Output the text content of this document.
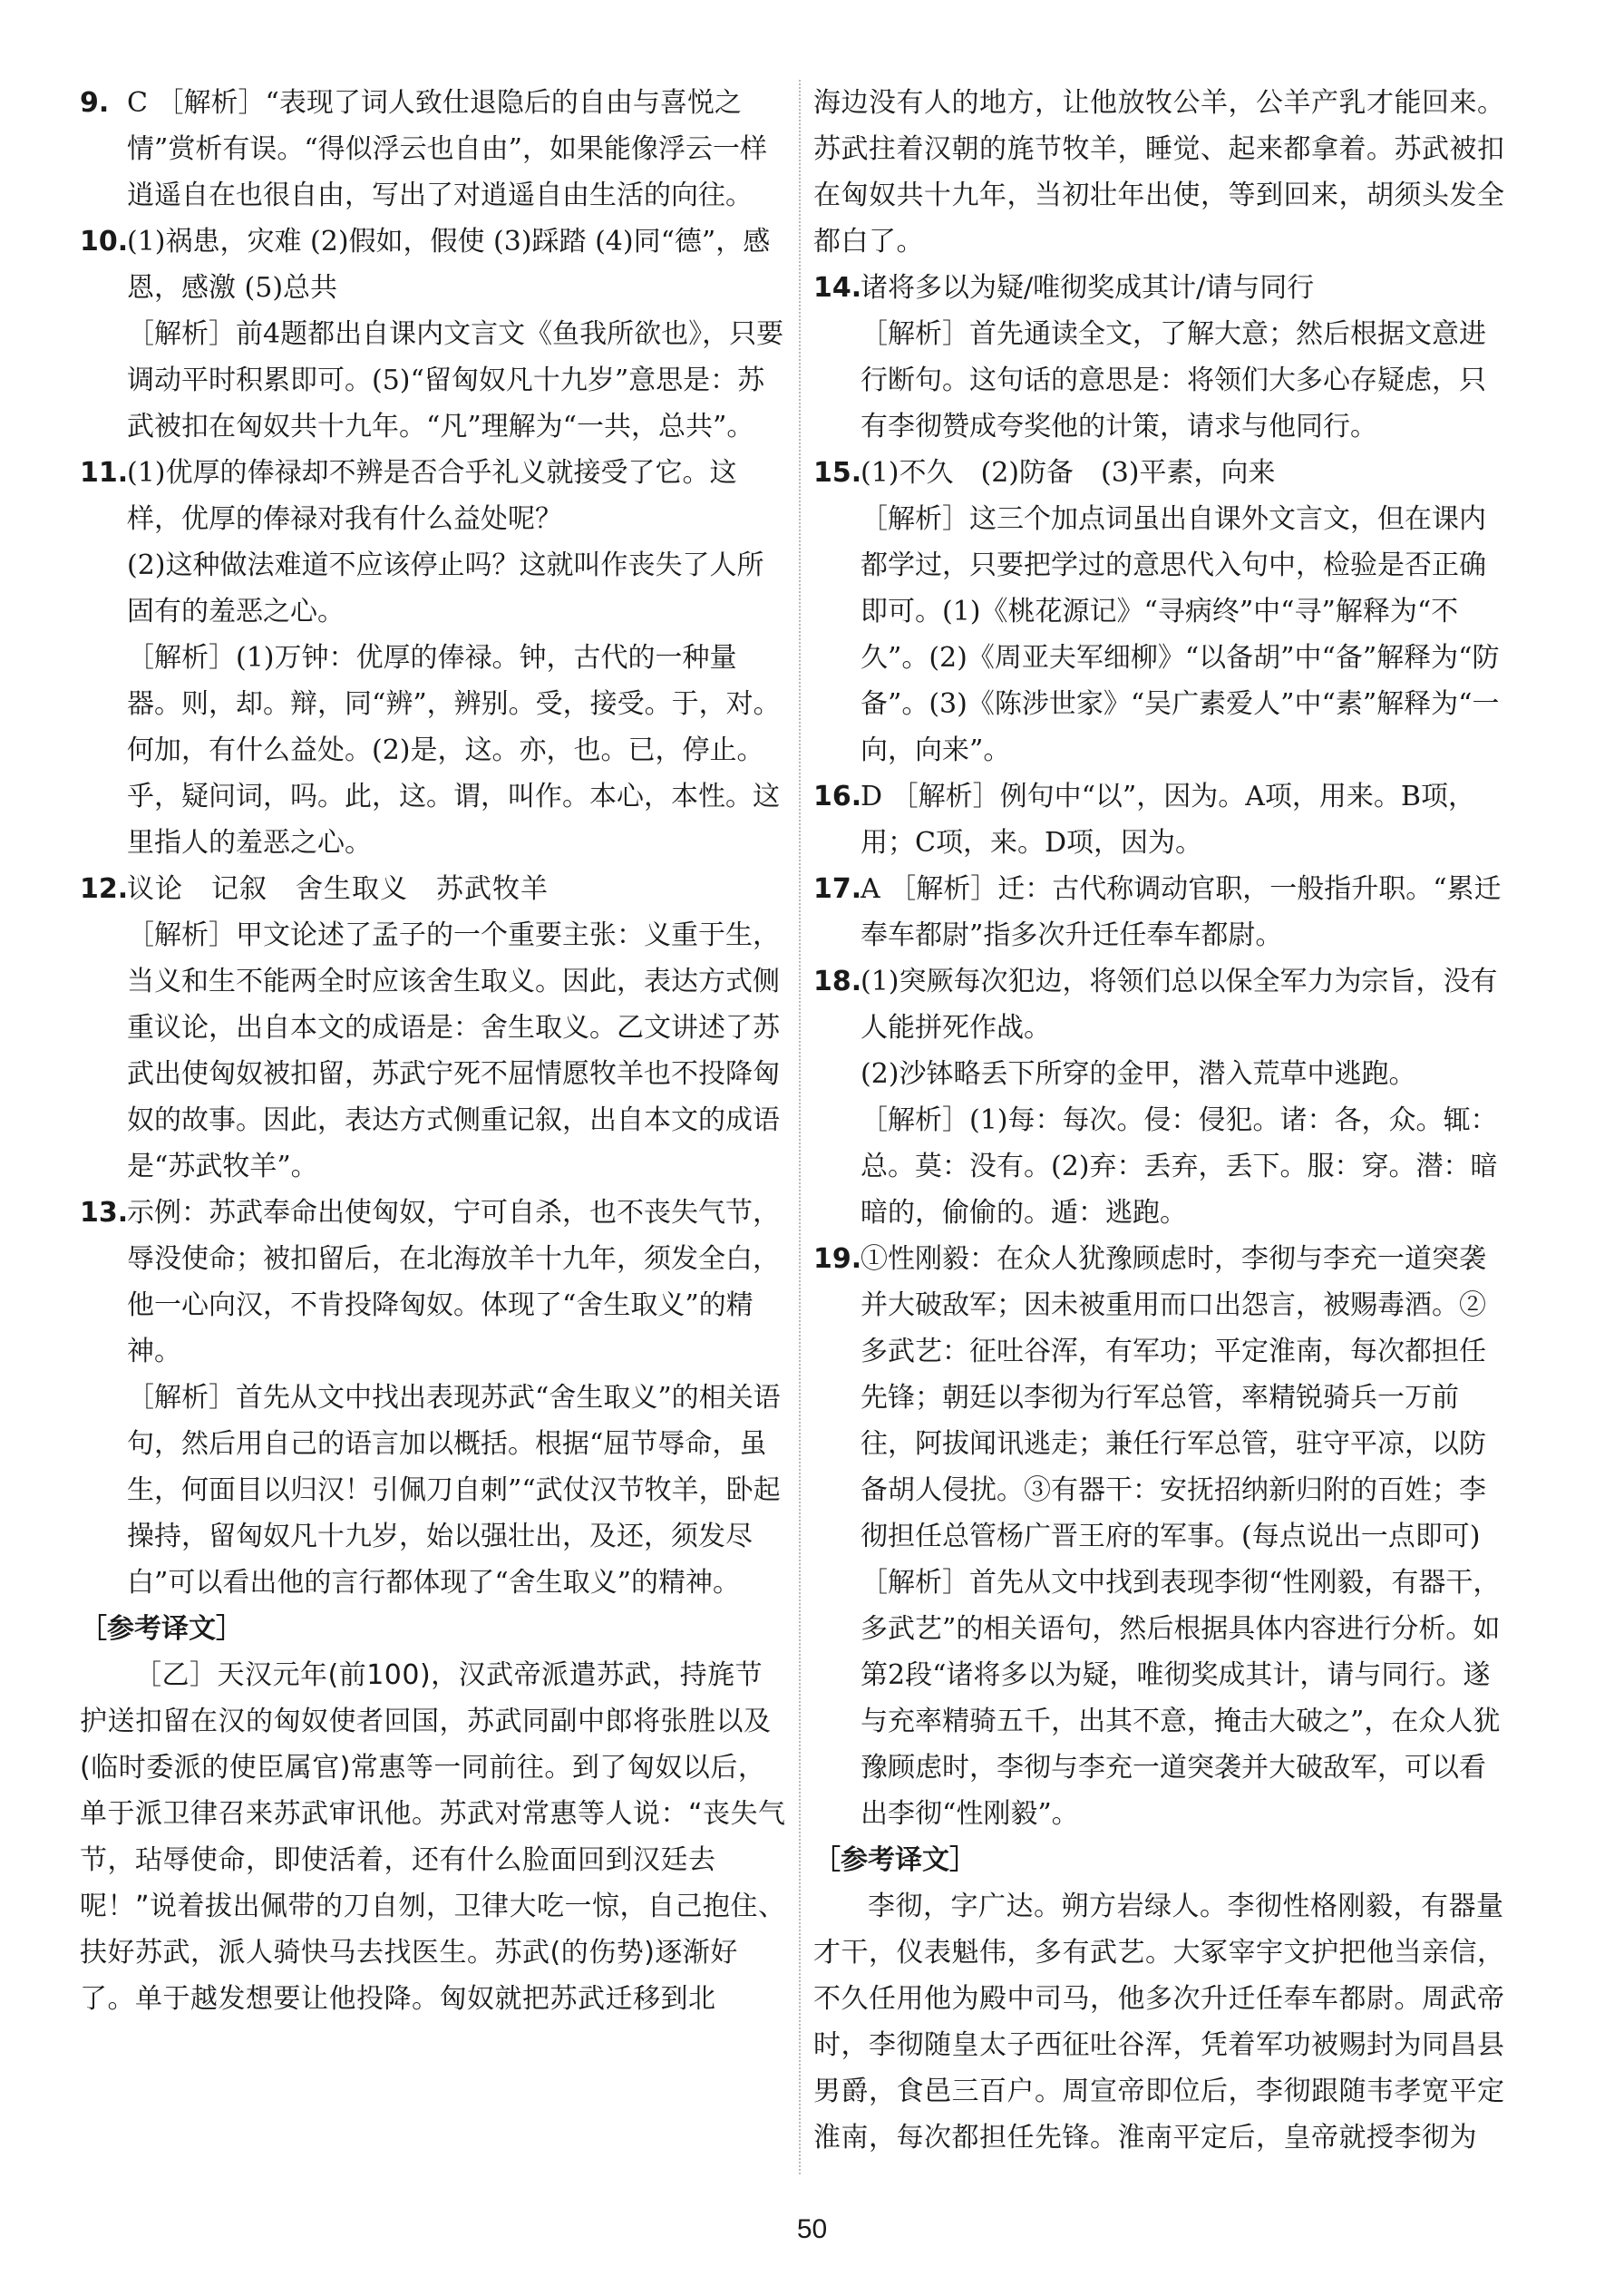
9. C ［解析］“表现了词人致仕退隐后的自由与喜悦之情”赏析有误。“得似浮云也自由”，如果能像浮云一样逍遥自在也很自由，写出了对逍遥自由生活的向往。

10.

(1)祸患，灾难 (2)假如，假使 (3)踩踏 (4)同“德”，感恩，感激 (5)总共

［解析］前4题都出自课内文言文《鱼我所欲也》，只要调动平时积累即可。(5)“留匈奴凡十九岁”意思是：苏武被扣在匈奴共十九年。“凡”理解为“一共，总共”。

11.

(1)优厚的俸禄却不辨是否合乎礼义就接受了它。这样，优厚的俸禄对我有什么益处呢？

(2)这种做法难道不应该停止吗？这就叫作丧失了人所固有的羞恶之心。

［解析］(1)万钟：优厚的俸禄。钟，古代的一种量器。则，却。辩，同“辨”，辨别。受，接受。于，对。何加，有什么益处。(2)是，这。亦，也。已，停止。乎，疑问词，吗。此，这。谓，叫作。本心，本性。这里指人的羞恶之心。

12.

议论　记叙　舍生取义　苏武牧羊

［解析］甲文论述了孟子的一个重要主张：义重于生，当义和生不能两全时应该舍生取义。因此，表达方式侧重议论，出自本文的成语是：舍生取义。乙文讲述了苏武出使匈奴被扣留，苏武宁死不屈情愿牧羊也不投降匈奴的故事。因此，表达方式侧重记叙，出自本文的成语是“苏武牧羊”。

13.

示例：苏武奉命出使匈奴，宁可自杀，也不丧失气节，辱没使命；被扣留后，在北海放羊十九年，须发全白，他一心向汉，不肯投降匈奴。体现了“舍生取义”的精神。

［解析］首先从文中找出表现苏武“舍生取义”的相关语句，然后用自己的语言加以概括。根据“屈节辱命，虽生，何面目以归汉！引佩刀自刺”“武仗汉节牧羊，卧起操持，留匈奴凡十九岁，始以强壮出，及还，须发尽白”可以看出他的言行都体现了“舍生取义”的精神。

［参考译文］

［乙］天汉元年(前100)，汉武帝派遣苏武，持旄节护送扣留在汉的匈奴使者回国，苏武同副中郎将张胜以及(临时委派的使臣属官)常惠等一同前往。到了匈奴以后，单于派卫律召来苏武审讯他。苏武对常惠等人说：“丧失气节，玷辱使命，即使活着，还有什么脸面回到汉廷去呢！”说着拔出佩带的刀自刎，卫律大吃一惊，自己抱住、扶好苏武，派人骑快马去找医生。苏武(的伤势)逐渐好了。单于越发想要让他投降。匈奴就把苏武迁移到北

海边没有人的地方，让他放牧公羊，公羊产乳才能回来。苏武拄着汉朝的旄节牧羊，睡觉、起来都拿着。苏武被扣在匈奴共十九年，当初壮年出使，等到回来，胡须头发全都白了。

14.

诸将多以为疑/唯彻奖成其计/请与同行

［解析］首先通读全文，了解大意；然后根据文意进行断句。这句话的意思是：将领们大多心存疑虑，只有李彻赞成夸奖他的计策，请求与他同行。

15.

(1)不久　(2)防备　(3)平素，向来

［解析］这三个加点词虽出自课外文言文，但在课内都学过，只要把学过的意思代入句中，检验是否正确即可。(1)《桃花源记》“寻病终”中“寻”解释为“不久”。(2)《周亚夫军细柳》“以备胡”中“备”解释为“防备”。(3)《陈涉世家》“吴广素爱人”中“素”解释为“一向，向来”。

16.

D ［解析］例句中“以”，因为。A项，用来。B项，用；C项，来。D项，因为。

17.

A ［解析］迁：古代称调动官职，一般指升职。“累迁奉车都尉”指多次升迁任奉车都尉。

18.

(1)突厥每次犯边，将领们总以保全军力为宗旨，没有人能拼死作战。

(2)沙钵略丢下所穿的金甲，潜入荒草中逃跑。

［解析］(1)每：每次。侵：侵犯。诸：各，众。辄：总。莫：没有。(2)弃：丢弃，丢下。服：穿。潜：暗暗的，偷偷的。遁：逃跑。

19.

①性刚毅：在众人犹豫顾虑时，李彻与李充一道突袭并大破敌军；因未被重用而口出怨言，被赐毒酒。②多武艺：征吐谷浑，有军功；平定淮南，每次都担任先锋；朝廷以李彻为行军总管，率精锐骑兵一万前往，阿拔闻讯逃走；兼任行军总管，驻守平凉，以防备胡人侵扰。③有器干：安抚招纳新归附的百姓；李彻担任总管杨广晋王府的军事。(每点说出一点即可)

［解析］首先从文中找到表现李彻“性刚毅，有器干，多武艺”的相关语句，然后根据具体内容进行分析。如第2段“诸将多以为疑，唯彻奖成其计，请与同行。遂与充率精骑五千，出其不意，掩击大破之”，在众人犹豫顾虑时，李彻与李充一道突袭并大破敌军，可以看出李彻“性刚毅”。

［参考译文］

李彻，字广达。朔方岩绿人。李彻性格刚毅，有器量才干，仪表魁伟，多有武艺。大冢宰宇文护把他当亲信，不久任用他为殿中司马，他多次升迁任奉车都尉。周武帝时，李彻随皇太子西征吐谷浑，凭着军功被赐封为同昌县男爵，食邑三百户。周宣帝即位后，李彻跟随韦孝宽平定淮南，每次都担任先锋。淮南平定后，皇帝就授李彻为

50
